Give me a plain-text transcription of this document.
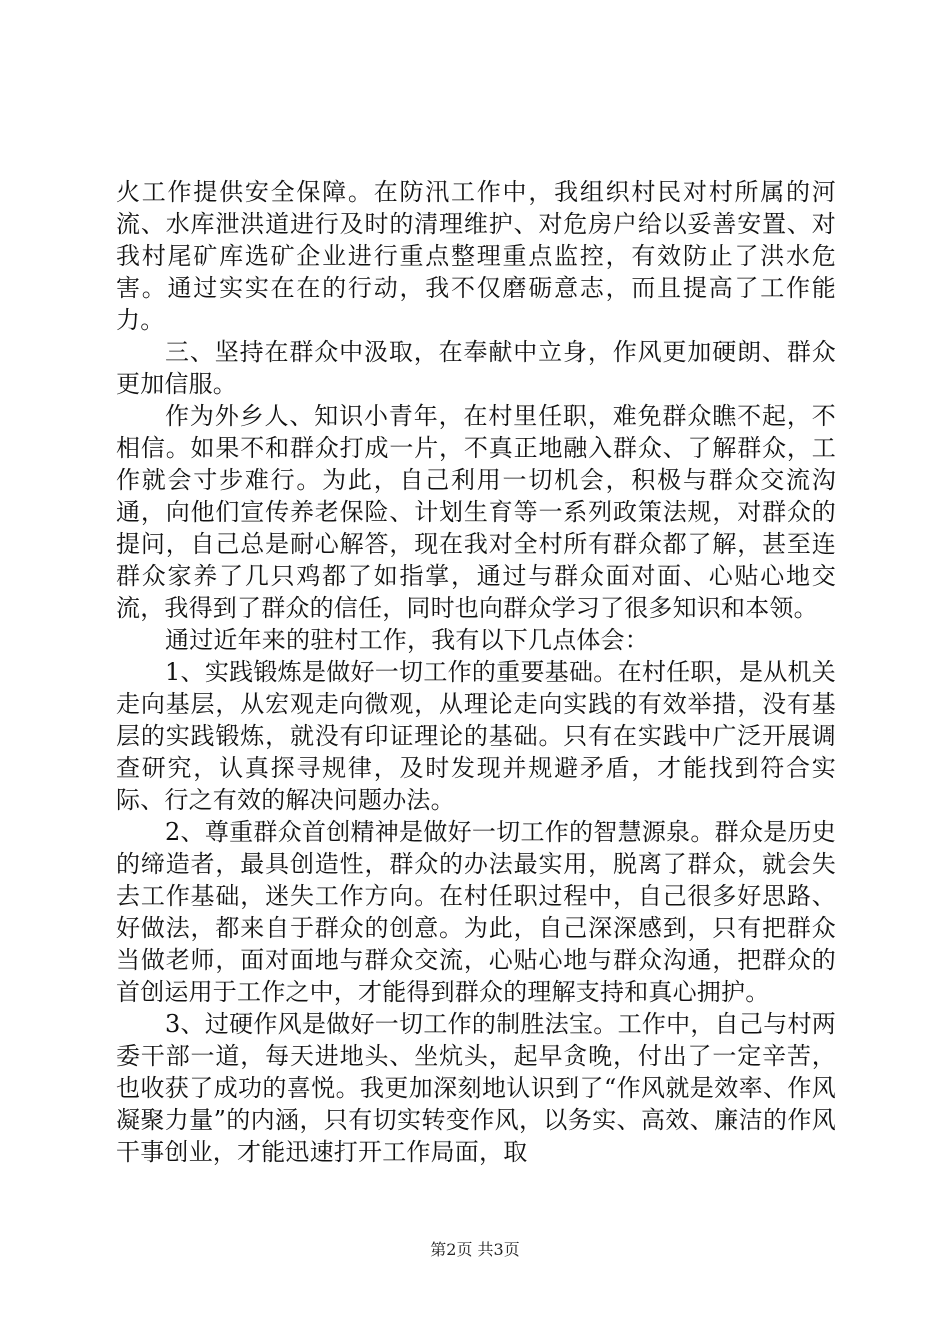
火工作提供安全保障。在防汛工作中，我组织村民对村所属的河流、水库泄洪道进行及时的清理维护、对危房户给以妥善安置、对我村尾矿库选矿企业进行重点整理重点监控，有效防止了洪水危害。通过实实在在的行动，我不仅磨砺意志，而且提高了工作能力。

三、坚持在群众中汲取，在奉献中立身，作风更加硬朗、群众更加信服。

作为外乡人、知识小青年，在村里任职，难免群众瞧不起，不相信。如果不和群众打成一片，不真正地融入群众、了解群众，工作就会寸步难行。为此，自己利用一切机会，积极与群众交流沟通，向他们宣传养老保险、计划生育等一系列政策法规，对群众的提问，自己总是耐心解答，现在我对全村所有群众都了解，甚至连群众家养了几只鸡都了如指掌，通过与群众面对面、心贴心地交流，我得到了群众的信任，同时也向群众学习了很多知识和本领。

通过近年来的驻村工作，我有以下几点体会：

1、实践锻炼是做好一切工作的重要基础。在村任职，是从机关走向基层，从宏观走向微观，从理论走向实践的有效举措，没有基层的实践锻炼，就没有印证理论的基础。只有在实践中广泛开展调查研究，认真探寻规律，及时发现并规避矛盾，才能找到符合实际、行之有效的解决问题办法。

2、尊重群众首创精神是做好一切工作的智慧源泉。群众是历史的缔造者，最具创造性，群众的办法最实用，脱离了群众，就会失去工作基础，迷失工作方向。在村任职过程中，自己很多好思路、好做法，都来自于群众的创意。为此，自己深深感到，只有把群众当做老师，面对面地与群众交流，心贴心地与群众沟通，把群众的首创运用于工作之中，才能得到群众的理解支持和真心拥护。

3、过硬作风是做好一切工作的制胜法宝。工作中，自己与村两委干部一道，每天进地头、坐炕头，起早贪晚，付出了一定辛苦，也收获了成功的喜悦。我更加深刻地认识到了“作风就是效率、作风凝聚力量”的内涵，只有切实转变作风，以务实、高效、廉洁的作风干事创业，才能迅速打开工作局面，取

第2页 共3页
